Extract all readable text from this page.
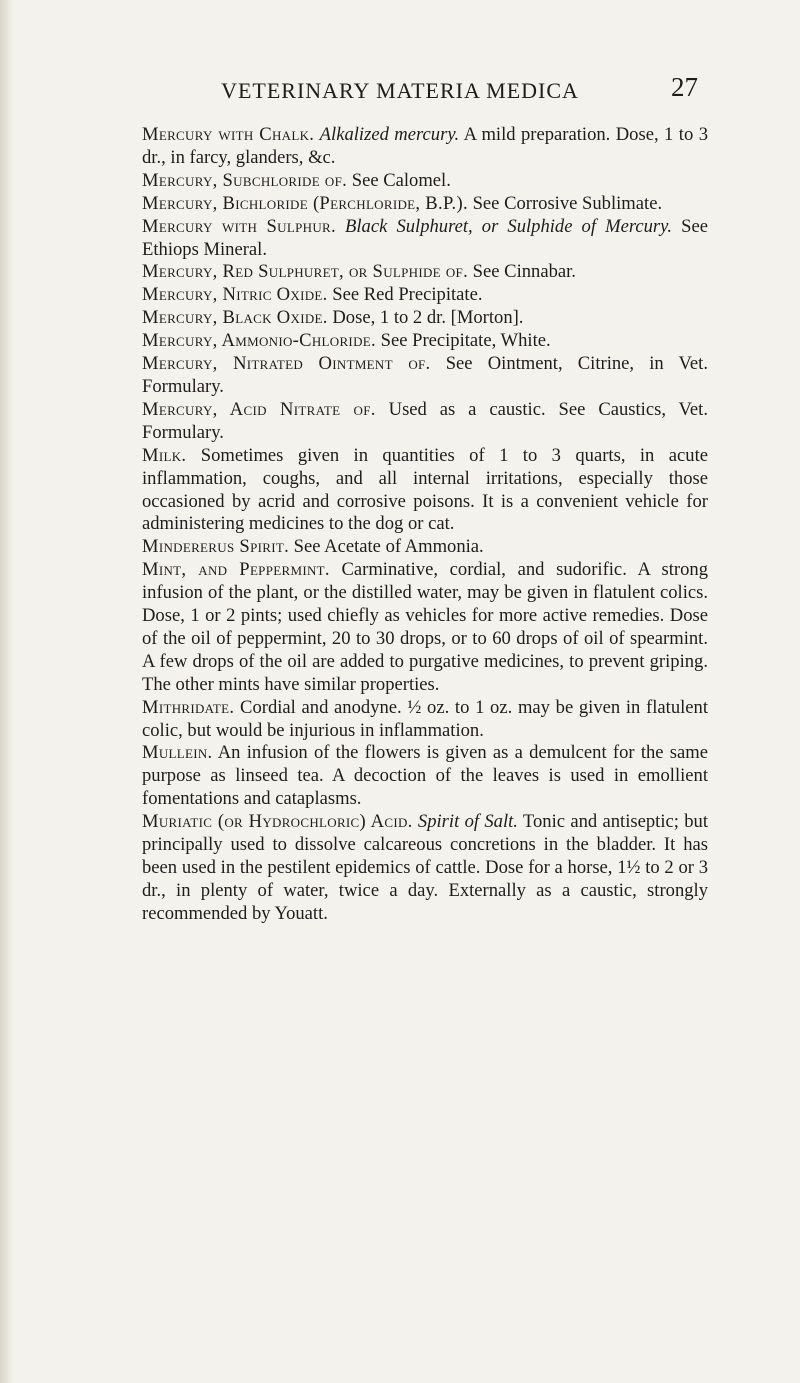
VETERINARY MATERIA MEDICA	27

Mercury with Chalk. Alkalized mercury. A mild preparation. Dose, 1 to 3 dr., in farcy, glanders, &c.

Mercury, Subchloride of. See Calomel.

Mercury, Bichloride (Perchloride, B.P.). See Corrosive Sublimate.

Mercury with Sulphur. Black Sulphuret, or Sulphide of Mercury. See Ethiops Mineral.

Mercury, Red Sulphuret, or Sulphide of. See Cinnabar.

Mercury, Nitric Oxide. See Red Precipitate.

Mercury, Black Oxide. Dose, 1 to 2 dr. [Morton].

Mercury, Ammonio-Chloride. See Precipitate, White.

Mercury, Nitrated Ointment of. See Ointment, Citrine, in Vet. Formulary.

Mercury, Acid Nitrate of. Used as a caustic. See Caustics, Vet. Formulary.

Milk. Sometimes given in quantities of 1 to 3 quarts, in acute inflammation, coughs, and all internal irritations, especially those occasioned by acrid and corrosive poisons. It is a convenient vehicle for administering medicines to the dog or cat.

Mindererus Spirit. See Acetate of Ammonia.

Mint, and Peppermint. Carminative, cordial, and sudorific. A strong infusion of the plant, or the distilled water, may be given in flatulent colics. Dose, 1 or 2 pints; used chiefly as vehicles for more active remedies. Dose of the oil of peppermint, 20 to 30 drops, or to 60 drops of oil of spearmint. A few drops of the oil are added to purgative medicines, to prevent griping. The other mints have similar properties.

Mithridate. Cordial and anodyne. ½ oz. to 1 oz. may be given in flatulent colic, but would be injurious in inflammation.

Mullein. An infusion of the flowers is given as a demulcent for the same purpose as linseed tea. A decoction of the leaves is used in emollient fomentations and cataplasms.

Muriatic (or Hydrochloric) Acid. Spirit of Salt. Tonic and antiseptic; but principally used to dissolve calcareous concretions in the bladder. It has been used in the pestilent epidemics of cattle. Dose for a horse, 1½ to 2 or 3 dr., in plenty of water, twice a day. Externally as a caustic, strongly recommended by Youatt.
